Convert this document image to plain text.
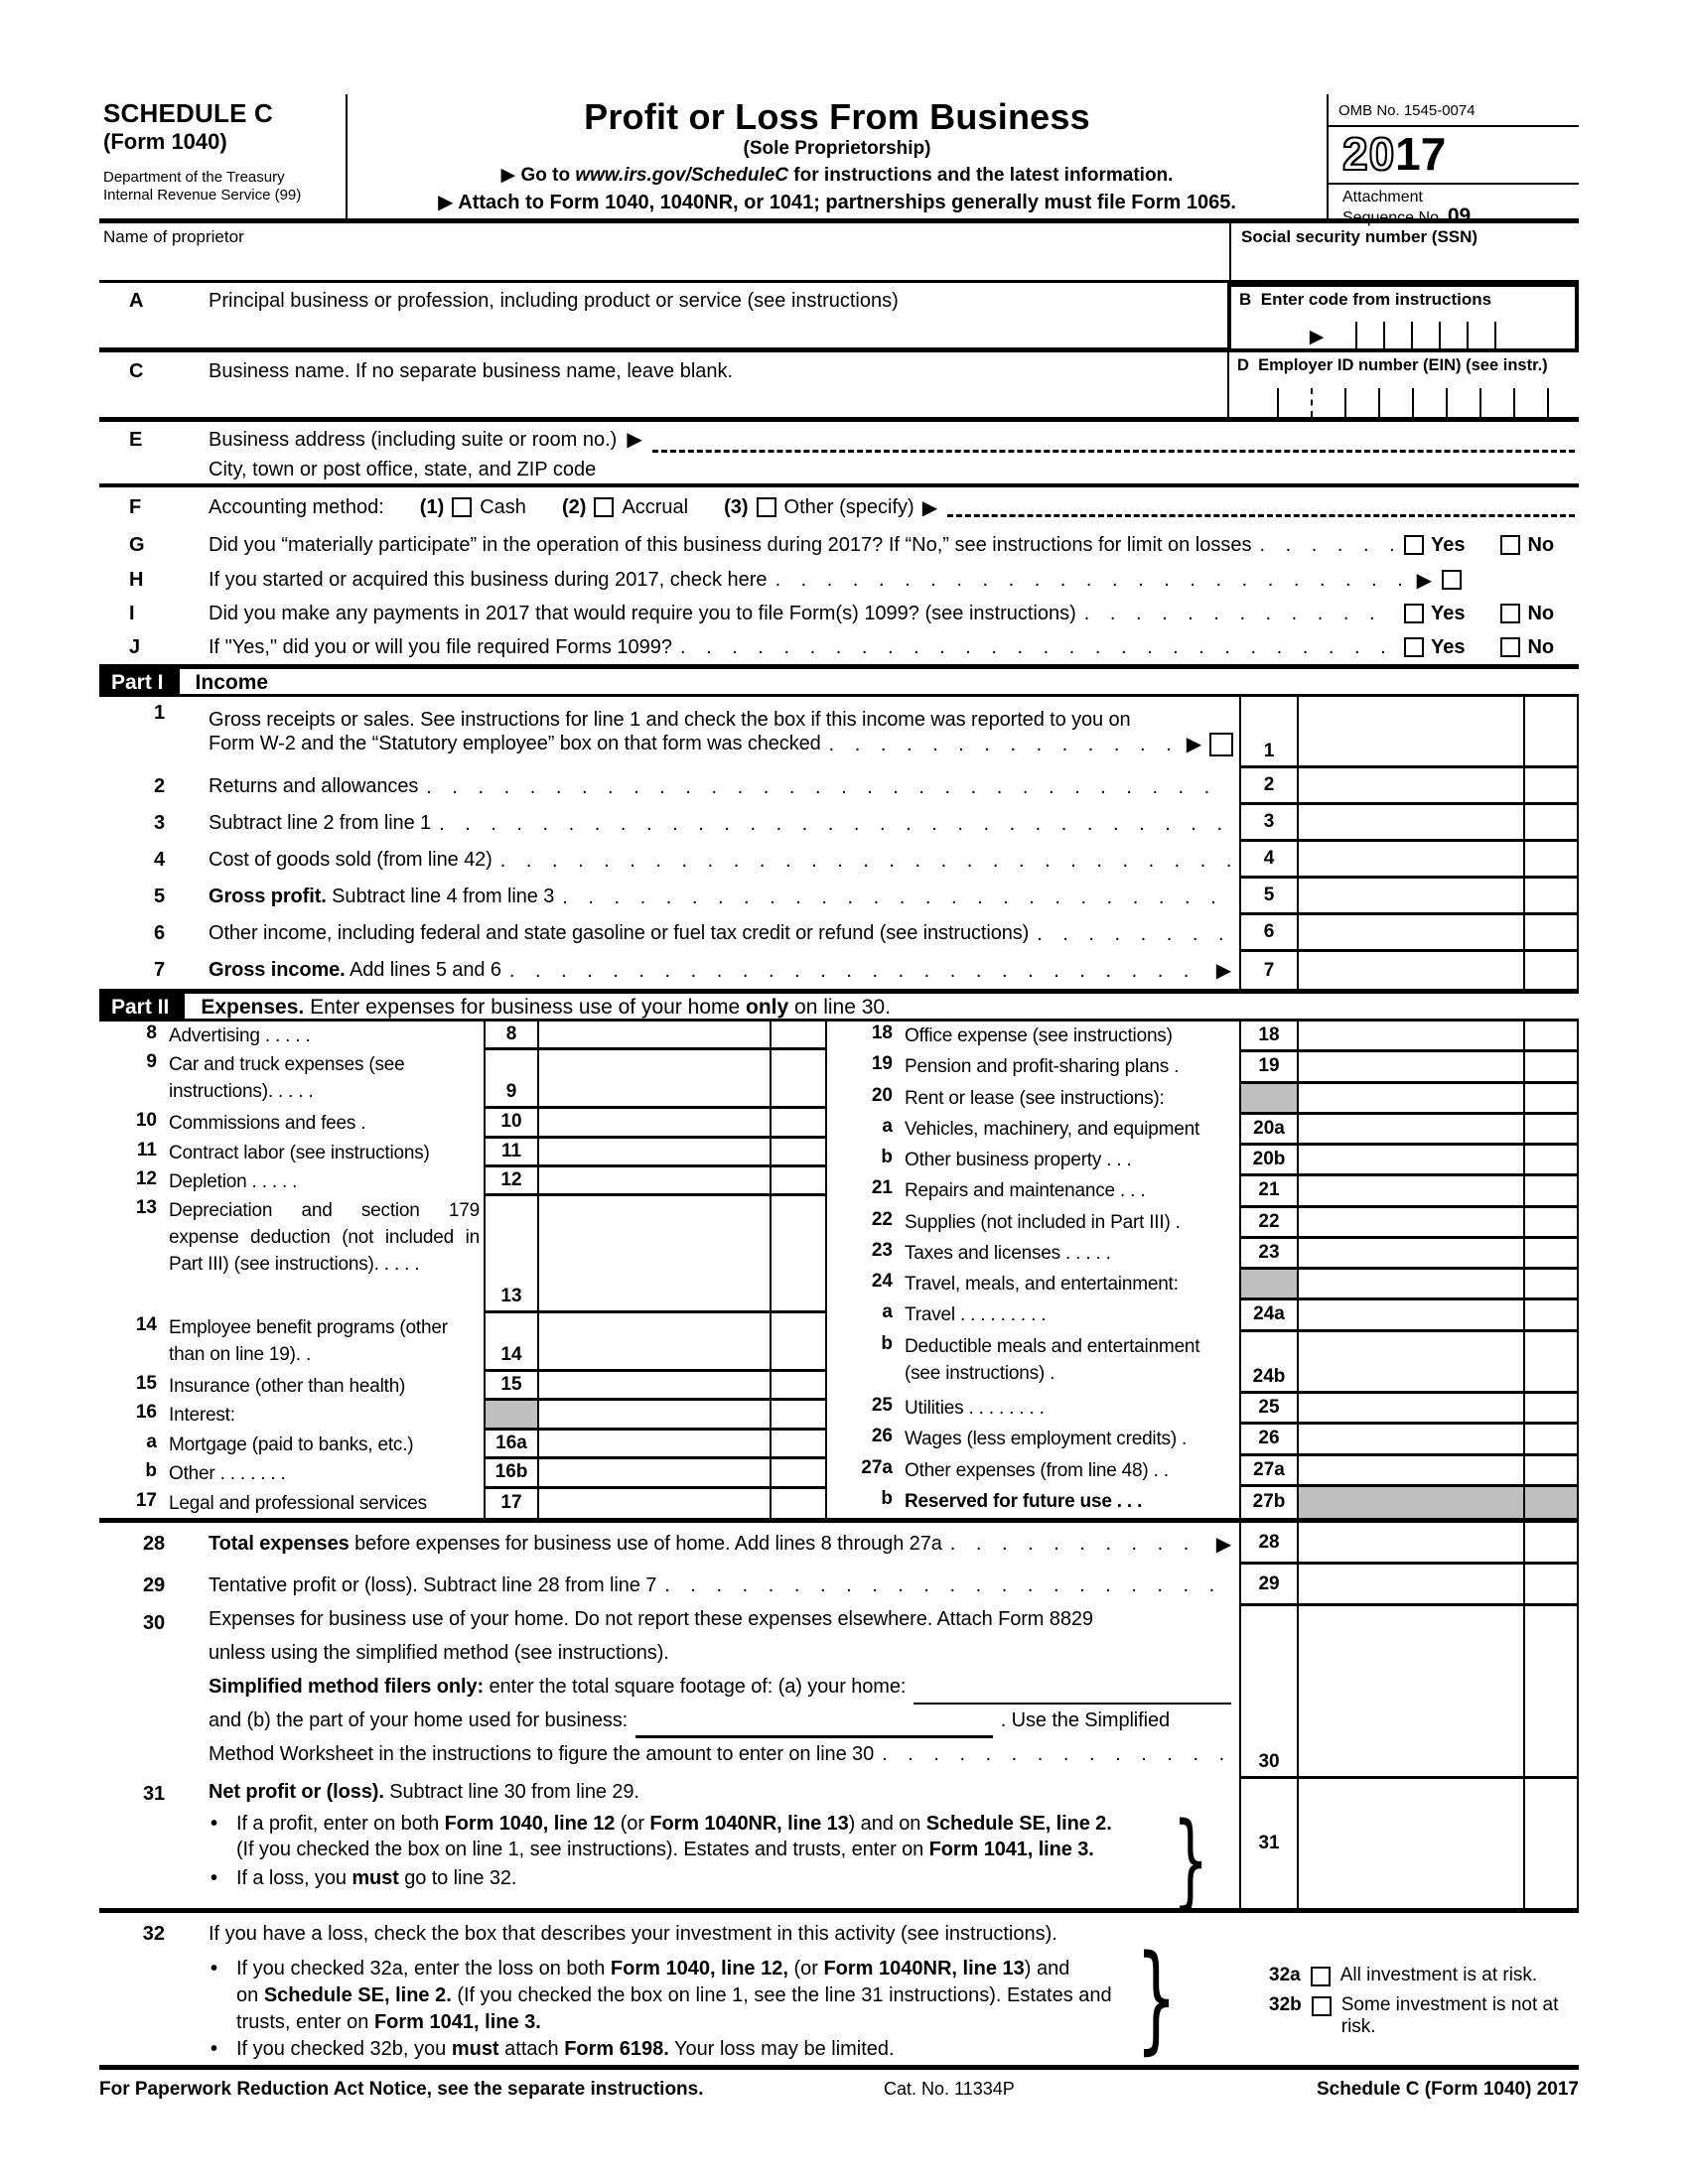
SCHEDULE C
(Form 1040)
Department of the Treasury
Internal Revenue Service (99)
Profit or Loss From Business
(Sole Proprietorship)
▶ Go to www.irs.gov/ScheduleC for instructions and the latest information.
▶ Attach to Form 1040, 1040NR, or 1041; partnerships generally must file Form 1065.
OMB No. 1545-0074
20 17
Attachment
Sequence No. 09
Name of proprietor	Social security number (SSN)
A	Principal business or profession, including product or service (see instructions)	B Enter code from instructions
▶
C	Business name. If no separate business name, leave blank.	D Employer ID number (EIN) (see instr.)
E	Business address (including suite or room no.) ▶
City, town or post office, state, and ZIP code
F	Accounting method: (1) Cash (2) Accrual (3) Other (specify) ▶
G	Did you “materially participate” in the operation of this business during 2017? If “No,” see instructions for limit on losses . . .	Yes	No
H	If you started or acquired this business during 2017, check here . . .	▶
I	Did you make any payments in 2017 that would require you to file Form(s) 1099? (see instructions) . . .	Yes	No
J	If "Yes," did you or will you file required Forms 1099? . . .	Yes	No
Part I	Income
1	Gross receipts or sales. See instructions for line 1 and check the box if this income was reported to you on
Form W-2 and the “Statutory employee” box on that form was checked . . .	▶	1
2	Returns and allowances . . .	2
3	Subtract line 2 from line 1 . . .	3
4	Cost of goods sold (from line 42) . . .	4
5	Gross profit. Subtract line 4 from line 3 . . .	5
6	Other income, including federal and state gasoline or fuel tax credit or refund (see instructions) . . .	6
7	Gross income. Add lines 5 and 6 . . .	▶	7
Part II	Expenses. Enter expenses for business use of your home only on line 30.
8 Advertising . . . . .	8
9 Car and truck expenses (see instructions). . . . .	9
10 Commissions and fees .	10
11 Contract labor (see instructions)	11
12 Depletion . . . . .	12
13 Depreciation and section 179 expense deduction (not included in Part III) (see instructions). . . . .
13
14 Employee benefit programs (other than on line 19). .	14
15 Insurance (other than health)	15
16 Interest:
a Mortgage (paid to banks, etc.)	16a
b Other . . . . . . .	16b
17 Legal and professional services	17
18 Office expense (see instructions)	18
19 Pension and profit-sharing plans .	19
20 Rent or lease (see instructions):
a Vehicles, machinery, and equipment	20a
b Other business property . . .	20b
21 Repairs and maintenance . . .	21
22 Supplies (not included in Part III) .	22
23 Taxes and licenses . . . . .	23
24 Travel, meals, and entertainment:
a Travel . . . . . . . . .	24a
b Deductible meals and entertainment (see instructions) .	24b
25 Utilities . . . . . . . .	25
26 Wages (less employment credits) .	26
27a Other expenses (from line 48) . .	27a
b Reserved for future use . . .	27b
28	Total expenses before expenses for business use of home. Add lines 8 through 27a . . .	▶	28
29	Tentative profit or (loss). Subtract line 28 from line 7 . . .	29
30	Expenses for business use of your home. Do not report these expenses elsewhere. Attach Form 8829
unless using the simplified method (see instructions).
Simplified method filers only: enter the total square footage of: (a) your home:
and (b) the part of your home used for business:	. Use the Simplified
Method Worksheet in the instructions to figure the amount to enter on line 30 . . .	30
31	Net profit or (loss). Subtract line 30 from line 29.
• If a profit, enter on both Form 1040, line 12 (or Form 1040NR, line 13) and on Schedule SE, line 2.
(If you checked the box on line 1, see instructions). Estates and trusts, enter on Form 1041, line 3.
• If a loss, you must go to line 32.	}	31
32	If you have a loss, check the box that describes your investment in this activity (see instructions).
• If you checked 32a, enter the loss on both Form 1040, line 12, (or Form 1040NR, line 13) and
on Schedule SE, line 2. (If you checked the box on line 1, see the line 31 instructions). Estates and
trusts, enter on Form 1041, line 3.
• If you checked 32b, you must attach Form 6198. Your loss may be limited.	}	32a All investment is at risk.
32b Some investment is not at risk.
For Paperwork Reduction Act Notice, see the separate instructions.	Cat. No. 11334P	Schedule C (Form 1040) 2017
